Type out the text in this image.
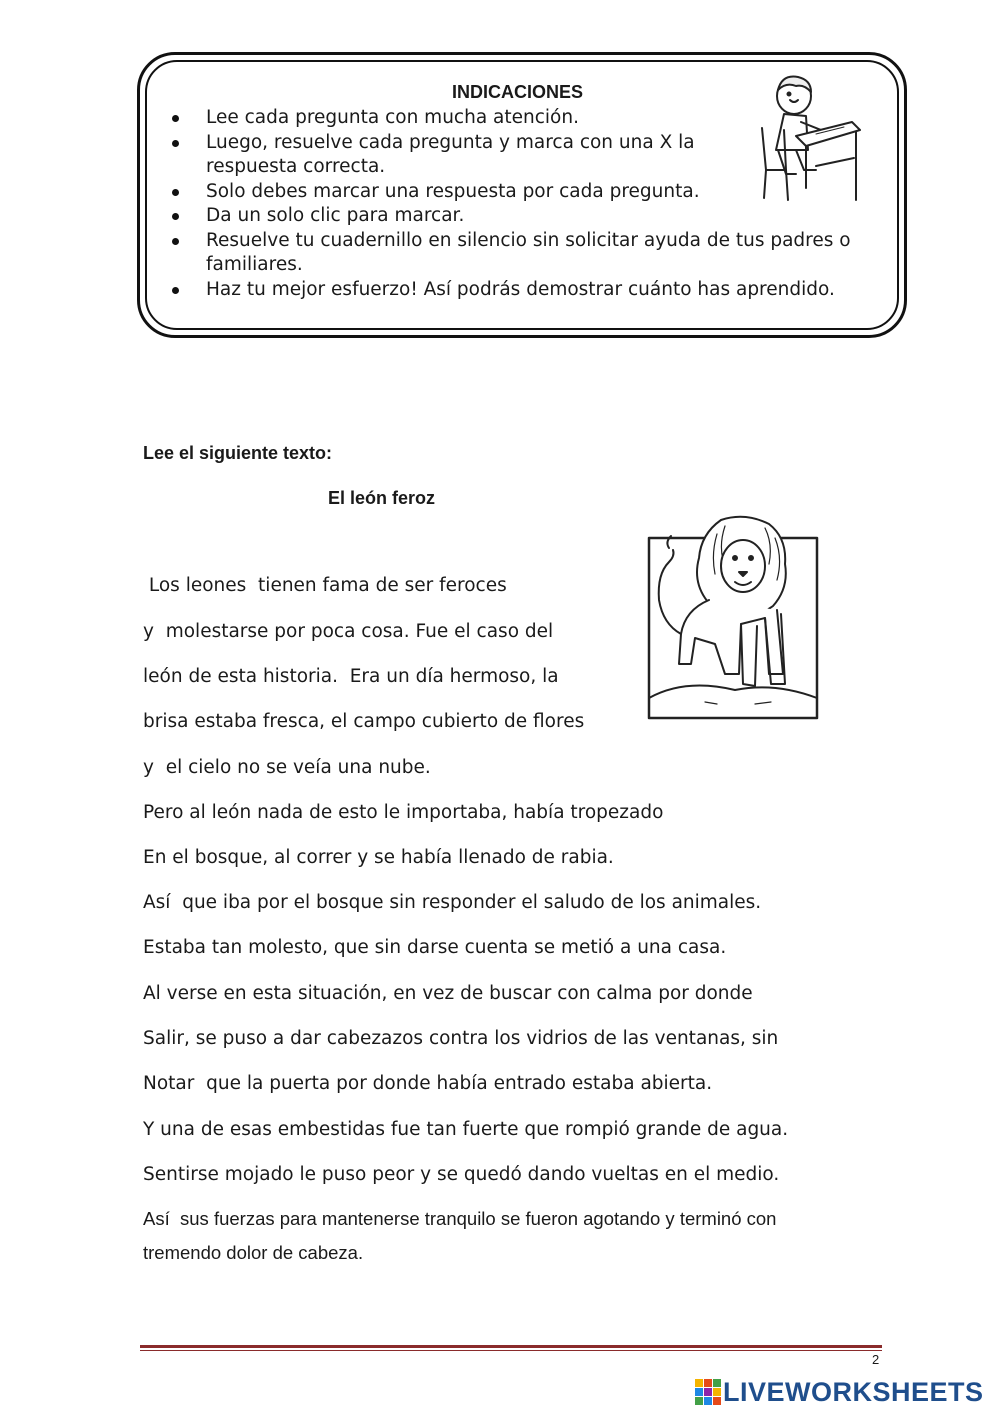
INDICACIONES
Lee cada pregunta con mucha atención.
Luego, resuelve cada pregunta y marca con una X la respuesta correcta.
Solo debes marcar una respuesta por cada pregunta.
Da un solo clic para marcar.
Resuelve tu cuadernillo en silencio sin solicitar ayuda de tus padres o familiares.
Haz tu mejor esfuerzo! Así podrás demostrar cuánto has aprendido.
Lee el siguiente texto:
El león feroz
Los leones  tienen fama de ser feroces
y  molestarse por poca cosa. Fue el caso del
león de esta historia.  Era un día hermoso, la
brisa estaba fresca, el campo cubierto de flores
y  el cielo no se veía una nube.
Pero al león nada de esto le importaba, había tropezado
En el bosque, al correr y se había llenado de rabia.
Así  que iba por el bosque sin responder el saludo de los animales.
Estaba tan molesto, que sin darse cuenta se metió a una casa.
Al verse en esta situación, en vez de buscar con calma por donde
Salir, se puso a dar cabezazos contra los vidrios de las ventanas, sin
Notar  que la puerta por donde había entrado estaba abierta.
Y una de esas embestidas fue tan fuerte que rompió grande de agua.
Sentirse mojado le puso peor y se quedó dando vueltas en el medio.
Así  sus fuerzas para mantenerse tranquilo se fueron agotando y terminó con
tremendo dolor de cabeza.
2
LIVEWORKSHEETS
